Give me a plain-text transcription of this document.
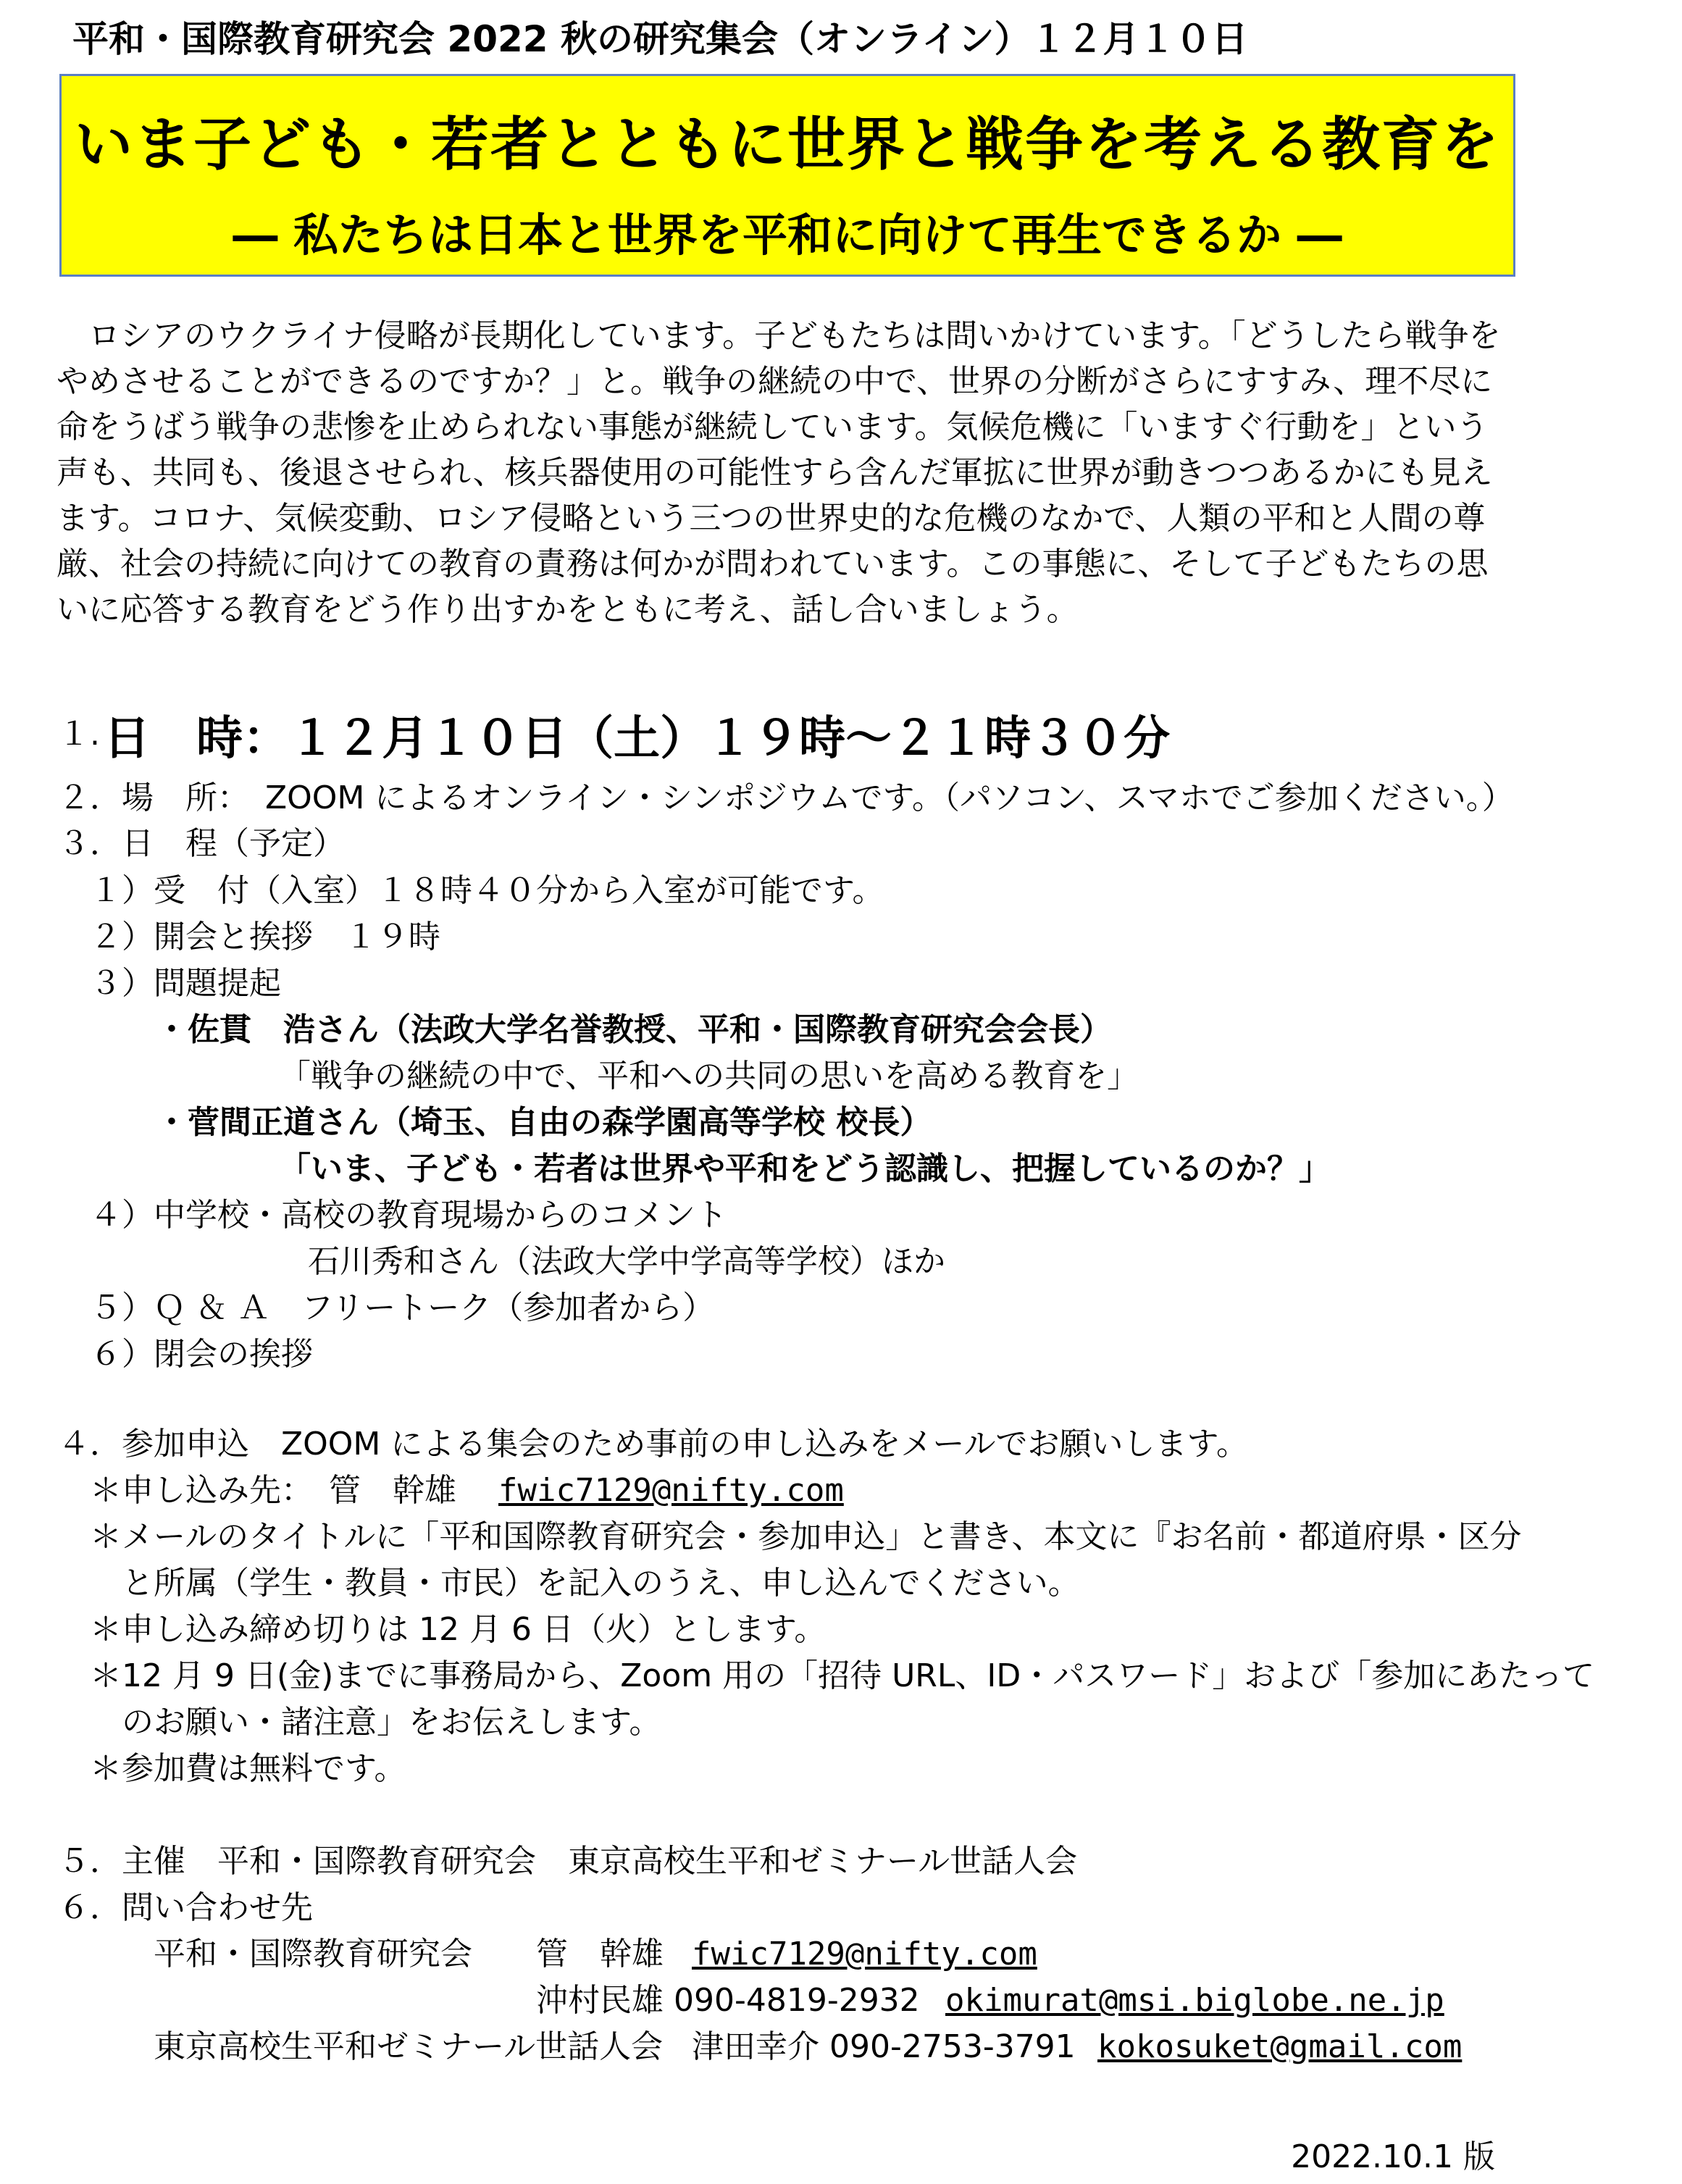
平和・国際教育研究会 2022 秋の研究集会（オンライン）１２月１０日
いま子ども・若者とともに世界と戦争を考える教育を
― 私たちは日本と世界を平和に向けて再生できるか ―

　ロシアのウクライナ侵略が長期化しています。子どもたちは問いかけています。「どうしたら戦争を

やめさせることができるのですか？」と。戦争の継続の中で、世界の分断がさらにすすみ、理不尽に

命をうばう戦争の悲惨を止められない事態が継続しています。気候危機に「いますぐ行動を」という

声も、共同も、後退させられ、核兵器使用の可能性すら含んだ軍拡に世界が動きつつあるかにも見え

ます。コロナ、気候変動、ロシア侵略という三つの世界史的な危機のなかで、人類の平和と人間の尊

厳、社会の持続に向けての教育の責務は何かが問われています。この事態に、そして子どもたちの思

いに応答する教育をどう作り出すかをともに考え、話し合いましょう。

１. 日　時：１２月１０日（土）１９時～２１時３０分
２．場　所：　ZOOM によるオンライン・シンポジウムです。（パソコン、スマホでご参加ください。）
３．日　程（予定）
１）受　付（入室）１８時４０分から入室が可能です。
２）開会と挨拶　１９時
３）問題提起
・佐貫　浩さん（法政大学名誉教授、平和・国際教育研究会会長）
「戦争の継続の中で、平和への共同の思いを高める教育を」
・菅間正道さん（埼玉、自由の森学園高等学校 校長）
「いま、子ども・若者は世界や平和をどう認識し、把握しているのか？」
４）中学校・高校の教育現場からのコメント
石川秀和さん（法政大学中学高等学校）ほか
５）Ｑ ＆ Ａ　フリートーク（参加者から）
６）閉会の挨拶
４．参加申込　ZOOM による集会のため事前の申し込みをメールでお願いします。
＊申し込み先：　管　幹雄　 fwic7129@nifty.com
＊メールのタイトルに「平和国際教育研究会・参加申込」と書き、本文に『お名前・都道府県・区分
と所属（学生・教員・市民）を記入のうえ、申し込んでください。
＊申し込み締め切りは 12 月 6 日（火）とします。
＊12 月 9 日(金)までに事務局から、Zoom 用の「招待 URL、ID・パスワード」および「参加にあたって
のお願い・諸注意」をお伝えします。
＊参加費は無料です。
５．主催　平和・国際教育研究会　東京高校生平和ゼミナール世話人会
６．問い合わせ先
平和・国際教育研究会 管　幹雄 fwic7129@nifty.com
沖村民雄 090-4819-2932 okimurat@msi.biglobe.ne.jp
東京高校生平和ゼミナール世話人会 津田幸介 090-2753-3791 kokosuket@gmail.com
2022.10.1 版
